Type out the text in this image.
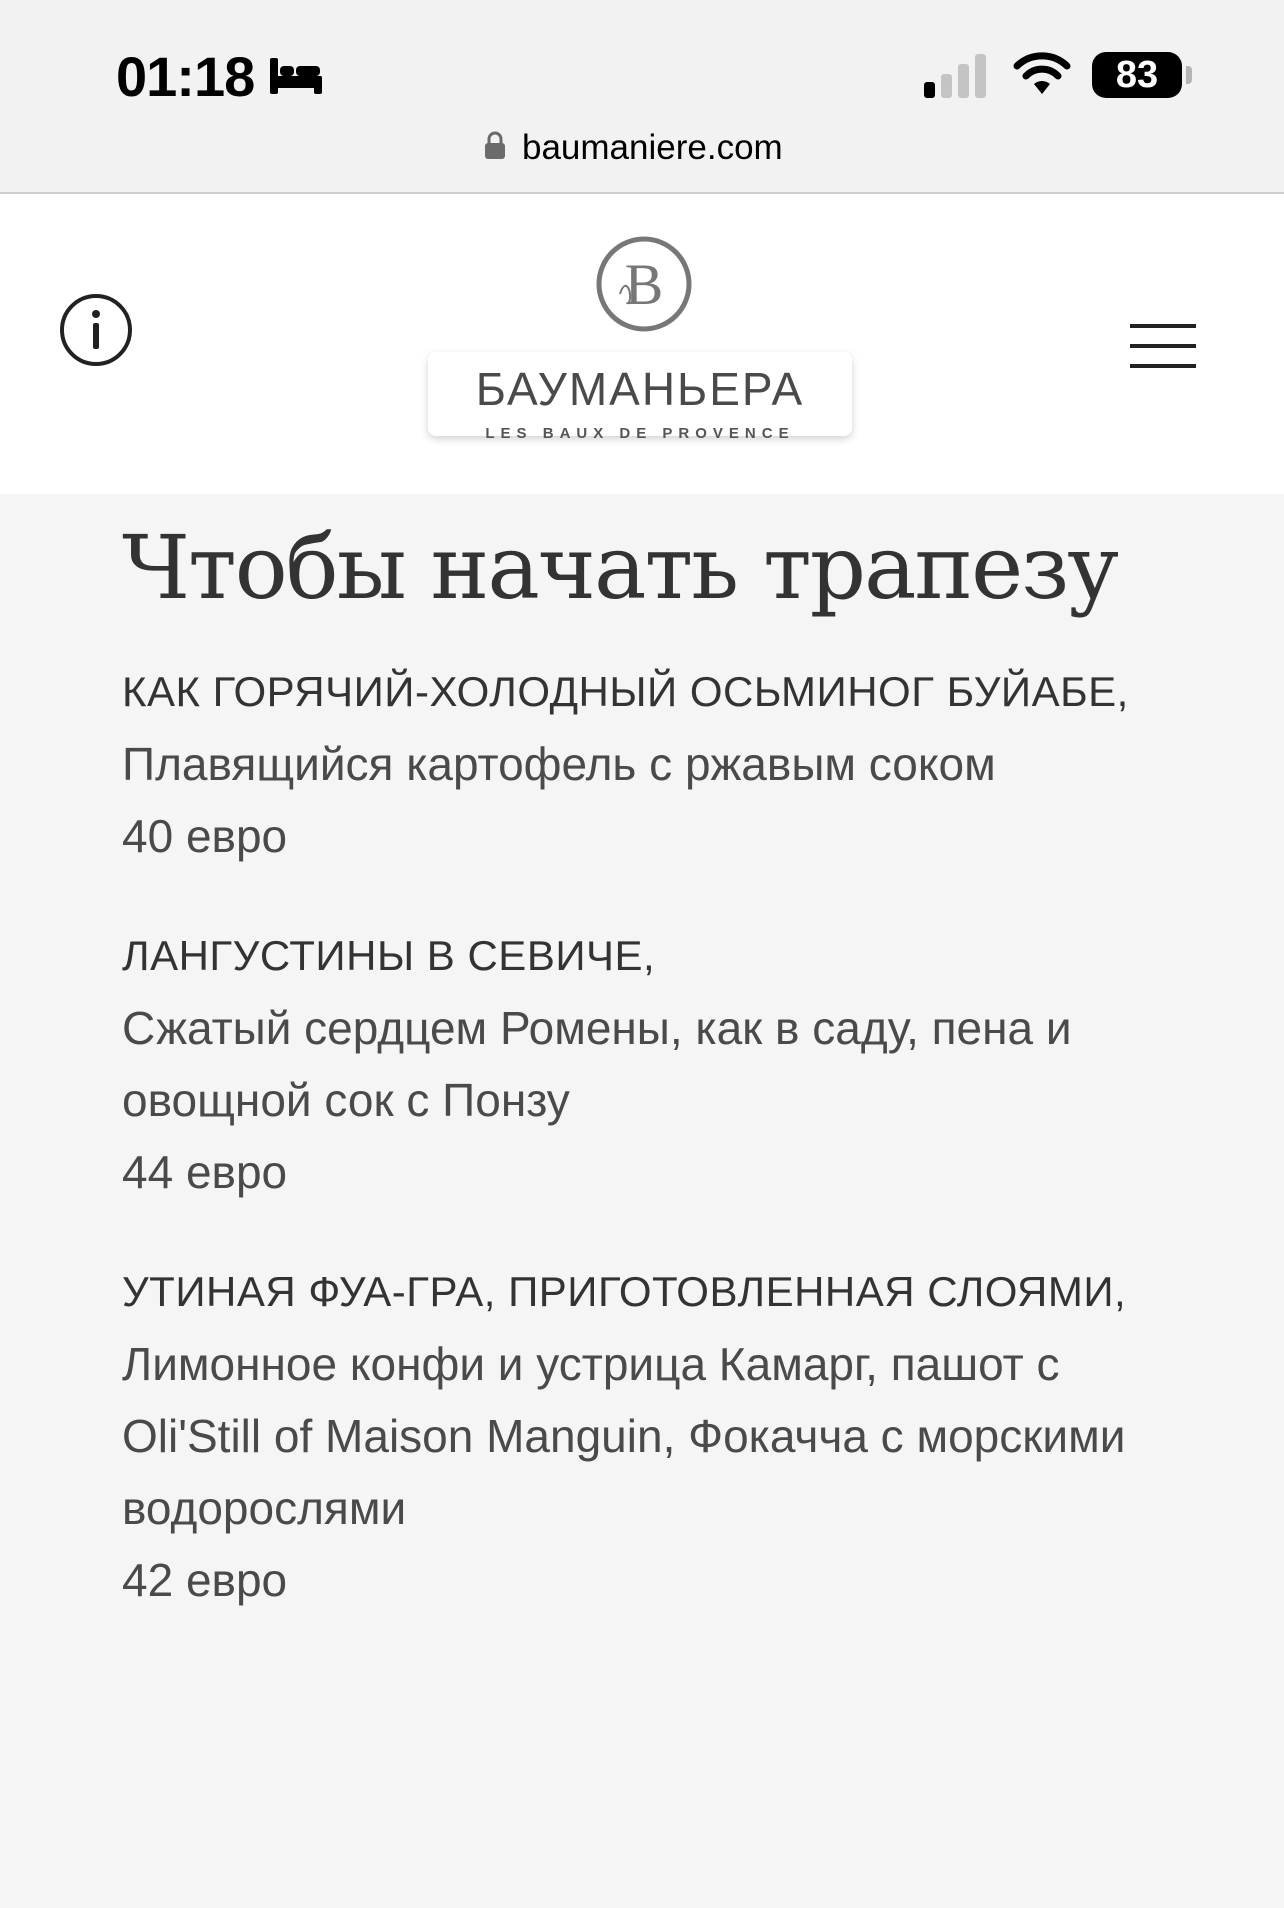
01:18	83
baumaniere.com
B
БАУМАНЬЕРА
LES BAUX DE PROVENCE
Чтобы начать трапезу
КАК ГОРЯЧИЙ-ХОЛОДНЫЙ ОСЬМИНОГ БУЙАБЕ,
Плавящийся картофель с ржавым соком
40 евро
ЛАНГУСТИНЫ В СЕВИЧЕ,
Сжатый сердцем Ромены, как в саду, пена и овощной сок с Понзу
44 евро
УТИНАЯ ФУА-ГРА, ПРИГОТОВЛЕННАЯ СЛОЯМИ,
Лимонное конфи и устрица Камарг, пашот с Oli'Still of Maison Manguin, Фокачча с морскими водорослями
42 евро
